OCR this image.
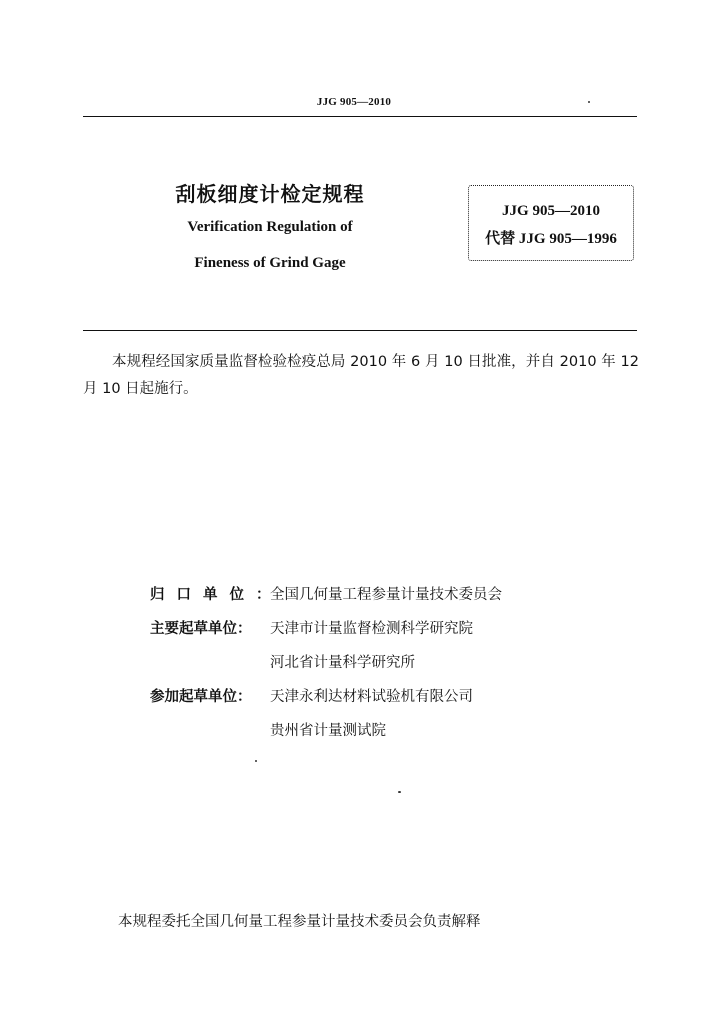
JJG 905—2010
刮板细度计检定规程
Verification Regulation of
Fineness of Grind Gage
JJG 905—2010
代替 JJG 905—1996
本规程经国家质量监督检验检疫总局 2010 年 6 月 10 日批准，并自 2010 年 12 月 10 日起施行。
归口单位：
全国几何量工程参量计量技术委员会
主要起草单位：	天津市计量监督检测科学研究院
河北省计量科学研究所
参加起草单位：	天津永利达材料试验机有限公司
贵州省计量测试院
本规程委托全国几何量工程参量计量技术委员会负责解释
